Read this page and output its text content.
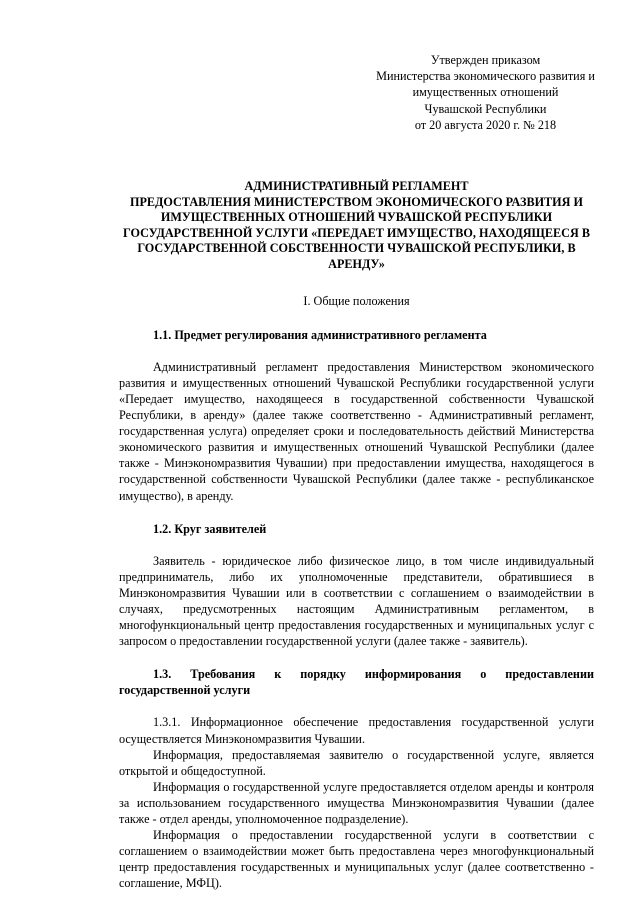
Утвержден приказом
Министерства экономического развития и
имущественных отношений
Чувашской Республики
от 20 августа 2020 г. № 218
АДМИНИСТРАТИВНЫЙ РЕГЛАМЕНТ
ПРЕДОСТАВЛЕНИЯ МИНИСТЕРСТВОМ ЭКОНОМИЧЕСКОГО РАЗВИТИЯ И
ИМУЩЕСТВЕННЫХ ОТНОШЕНИЙ ЧУВАШСКОЙ РЕСПУБЛИКИ
ГОСУДАРСТВЕННОЙ УСЛУГИ «ПЕРЕДАЕТ ИМУЩЕСТВО, НАХОДЯЩЕЕСЯ В
ГОСУДАРСТВЕННОЙ СОБСТВЕННОСТИ ЧУВАШСКОЙ РЕСПУБЛИКИ, В
АРЕНДУ»
I. Общие положения
1.1. Предмет регулирования административного регламента

Административный регламент предоставления Министерством экономического развития и имущественных отношений Чувашской Республики государственной услуги «Передает имущество, находящееся в государственной собственности Чувашской Республики, в аренду» (далее также соответственно - Административный регламент, государственная услуга) определяет сроки и последовательность действий Министерства экономического развития и имущественных отношений Чувашской Республики (далее также - Минэкономразвития Чувашии) при предоставлении имущества, находящегося в государственной собственности Чувашской Республики (далее также - республиканское имущество), в аренду.

1.2. Круг заявителей

Заявитель - юридическое либо физическое лицо, в том числе индивидуальный предприниматель, либо их уполномоченные представители, обратившиеся в Минэкономразвития Чувашии или в соответствии с соглашением о взаимодействии в случаях, предусмотренных настоящим Административным регламентом, в многофункциональный центр предоставления государственных и муниципальных услуг с запросом о предоставлении государственной услуги (далее также - заявитель).

1.3. Требования к порядку информирования о предоставлении
государственной услуги

1.3.1. Информационное обеспечение предоставления государственной услуги осуществляется Минэкономразвития Чувашии.

Информация, предоставляемая заявителю о государственной услуге, является открытой и общедоступной.

Информация о государственной услуге предоставляется отделом аренды и контроля за использованием государственного имущества Минэкономразвития Чувашии (далее также - отдел аренды, уполномоченное подразделение).

Информация о предоставлении государственной услуги в соответствии с соглашением о взаимодействии может быть предоставлена через многофункциональный центр предоставления государственных и муниципальных услуг (далее соответственно - соглашение, МФЦ).
